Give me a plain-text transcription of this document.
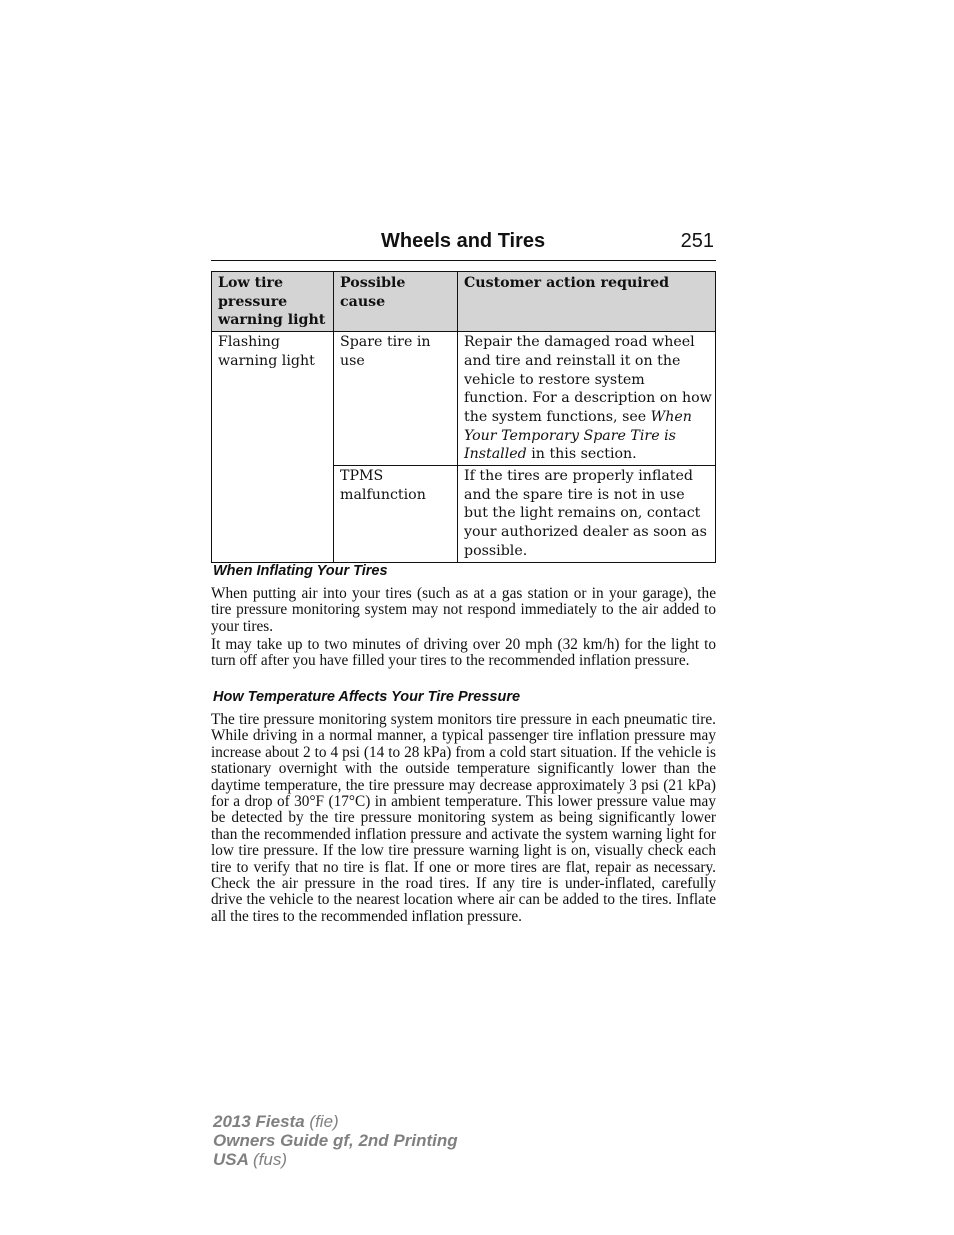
Wheels and Tires	251
Low tire pressure warning light	Possible cause	Customer action required
Flashing warning light	Spare tire in use	Repair the damaged road wheel and tire and reinstall it on the vehicle to restore system function. For a description on how the system functions, see When Your Temporary Spare Tire is Installed in this section.
	TPMS malfunction	If the tires are properly inflated and the spare tire is not in use but the light remains on, contact your authorized dealer as soon as possible.
When Inflating Your Tires
When putting air into your tires (such as at a gas station or in your garage), the tire pressure monitoring system may not respond immediately to the air added to your tires.
It may take up to two minutes of driving over 20 mph (32 km/h) for the light to turn off after you have filled your tires to the recommended inflation pressure.
How Temperature Affects Your Tire Pressure
The tire pressure monitoring system monitors tire pressure in each pneumatic tire. While driving in a normal manner, a typical passenger tire inflation pressure may increase about 2 to 4 psi (14 to 28 kPa) from a cold start situation. If the vehicle is stationary overnight with the outside temperature significantly lower than the daytime temperature, the tire pressure may decrease approximately 3 psi (21 kPa) for a drop of 30°F (17°C) in ambient temperature. This lower pressure value may be detected by the tire pressure monitoring system as being significantly lower than the recommended inflation pressure and activate the system warning light for low tire pressure. If the low tire pressure warning light is on, visually check each tire to verify that no tire is flat. If one or more tires are flat, repair as necessary. Check the air pressure in the road tires. If any tire is under-inflated, carefully drive the vehicle to the nearest location where air can be added to the tires. Inflate all the tires to the recommended inflation pressure.
2013 Fiesta (fie)
Owners Guide gf, 2nd Printing
USA (fus)
